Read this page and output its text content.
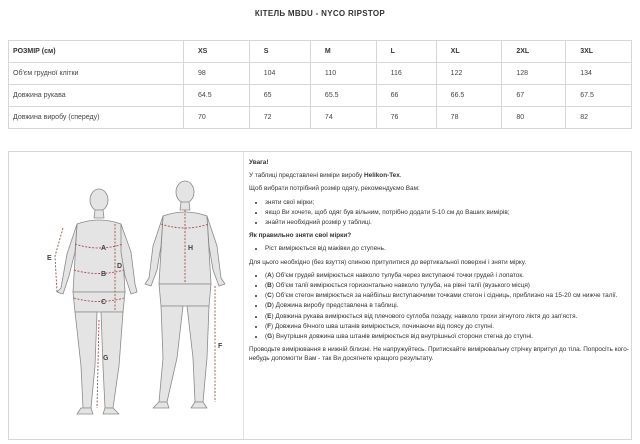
КІТЕЛЬ MBDU - NYCO RIPSTOP
РОЗМІР (см)	XS	S	M	L	XL	2XL	3XL
Об'єм грудної клітки	98	104	110	116	122	128	134
Довжина рукава	64.5	65	65.5	66	66.5	67	67.5
Довжина виробу (спереду)	70	72	74	76	78	80	82
A
B
C
D
E
F
G
H

Увага!

У таблиці представлені виміри виробу Helikon-Tex.

Щоб вибрати потрібний розмір одягу, рекомендуємо Вам:

• зняти свої мірки;
• якщо Ви хочете, щоб одяг був вільним, потрібно додати 5-10 см до Ваших вимірів;
• знайти необхідний розмір у таблиці.

Як правильно зняти свої мірки?

• Ріст вимірюється від маківки до ступень.

Для цього необхідно (без взуття) спиною притулитися до вертикальної поверхні і зняти мірку.

• (A) Об'єм грудей вимірюється навколо тулуба через виступаючі точки грудей і лопаток.
• (B) Об'єм талії вимірюється горизонтально навколо тулуба, на рівні талії (вузького місця)
• (C) Об'єм стегон вимірюється за найбільш виступаючими точками стегон і сідниць, приблизно на 15-20 см нижче талії.
• (D) Довжина виробу представлена в таблиці.
• (E) Довжина рукава вимірюється від плечового суглоба позаду, навколо трохи зігнутого ліктя до зап'ястя.
• (F) Довжина бічного шва штанів вимірюється, починаючи від поясу до ступні.
• (G) Внутрішня довжина шва штанів вимірюється від внутрішньої сторони стегна до ступні.

Проводьте вимірювання в нижній білизні. Не напружуйтесь. Притискайте вимірювальну стрічку впритул до тіла. Попросіть кого-небудь допомогти Вам - так Ви досягнете кращого результату.
